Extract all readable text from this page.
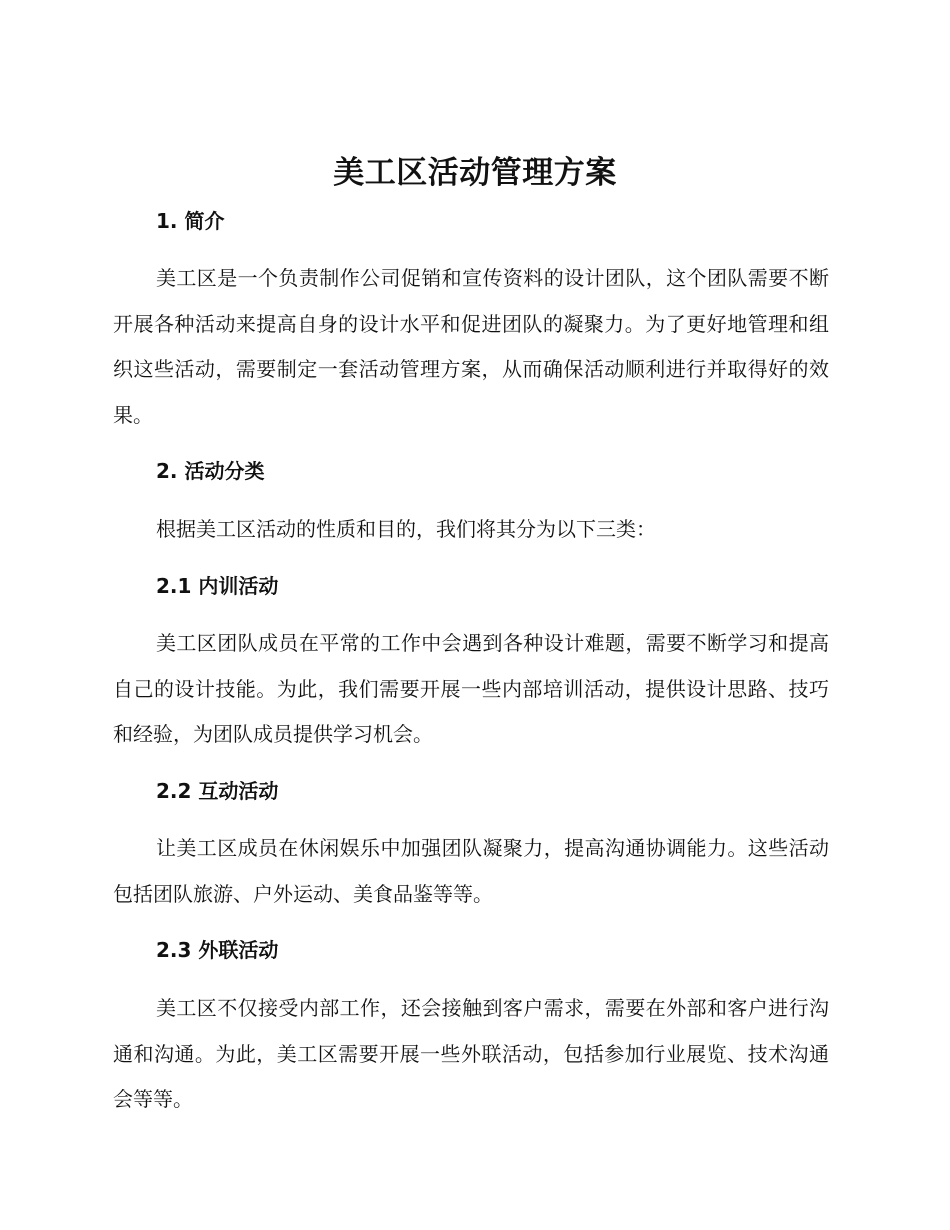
美工区活动管理方案
1. 简介

美工区是一个负责制作公司促销和宣传资料的设计团队，这个团队需要不断开展各种活动来提高自身的设计水平和促进团队的凝聚力。为了更好地管理和组织这些活动，需要制定一套活动管理方案，从而确保活动顺利进行并取得好的效果。

2. 活动分类

根据美工区活动的性质和目的，我们将其分为以下三类：

2.1 内训活动

美工区团队成员在平常的工作中会遇到各种设计难题，需要不断学习和提高自己的设计技能。为此，我们需要开展一些内部培训活动，提供设计思路、技巧和经验，为团队成员提供学习机会。

2.2 互动活动

让美工区成员在休闲娱乐中加强团队凝聚力，提高沟通协调能力。这些活动包括团队旅游、户外运动、美食品鉴等等。

2.3 外联活动

美工区不仅接受内部工作，还会接触到客户需求，需要在外部和客户进行沟通和沟通。为此，美工区需要开展一些外联活动，包括参加行业展览、技术沟通会等等。
